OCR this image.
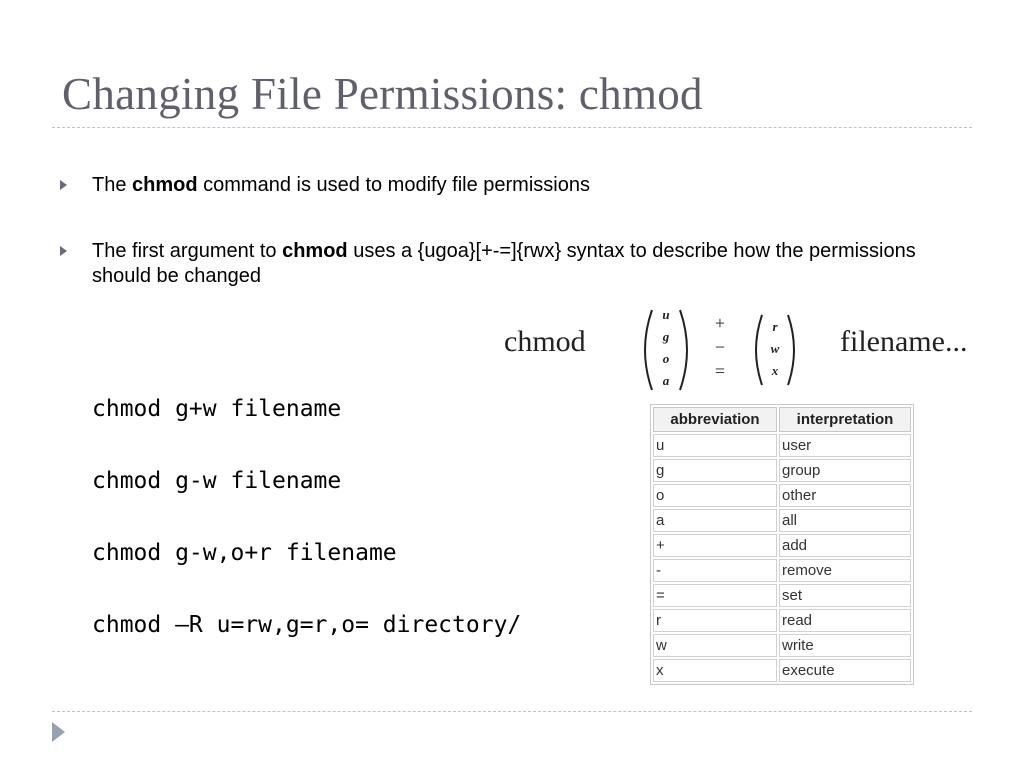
Changing File Permissions: chmod
The chmod command is used to modify file permissions
The first argument to chmod uses a {ugoa}[+-=]{rwx} syntax to describe how the permissions should be changed
chmod
u
g
o
a
+
−
=
r
w
x
filename...
chmod g+w filename
chmod g-w filename
chmod g-w,o+r filename
chmod –R u=rw,g=r,o= directory/
abbreviation	interpretation
u	user
g	group
o	other
a	all
+	add
-	remove
=	set
r	read
w	write
x	execute
